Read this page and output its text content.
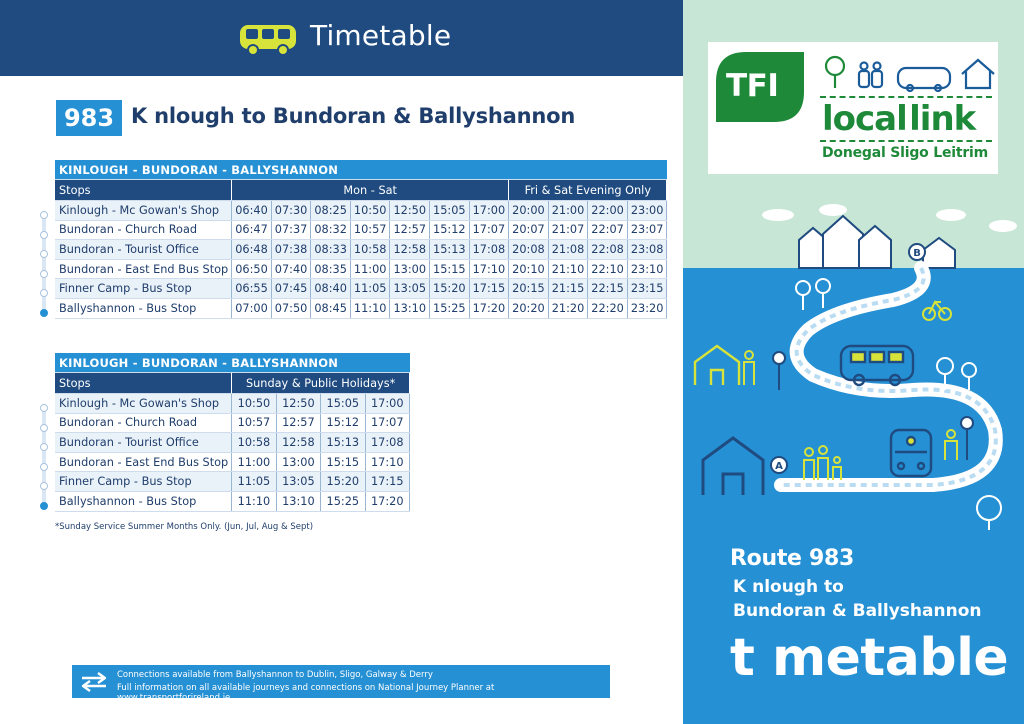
Timetable
983 K nlough to Bundoran & Ballyshannon
KINLOUGH - BUNDORAN - BALLYSHANNON											
Stops	Mon - Sat							Fri & Sat Evening Only			
Kinlough - Mc Gowan's Shop	06:40	07:30	08:25	10:50	12:50	15:05	17:00		20:00	21:00	22:00	23:00
Bundoran - Church Road	06:47	07:37	08:32	10:57	12:57	15:12	17:07		20:07	21:07	22:07	23:07
Bundoran - Tourist Office	06:48	07:38	08:33	10:58	12:58	15:13	17:08		20:08	21:08	22:08	23:08
Bundoran - East End Bus Stop	06:50	07:40	08:35	11:00	13:00	15:15	17:10		20:10	21:10	22:10	23:10
Finner Camp - Bus Stop	06:55	07:45	08:40	11:05	13:05	15:20	17:15		20:15	21:15	22:15	23:15
Ballyshannon - Bus Stop	07:00	07:50	08:45	11:10	13:10	15:25	17:20		20:20	21:20	22:20	23:20
KINLOUGH - BUNDORAN - BALLYSHANNON				
Stops	Sunday & Public Holidays*			
Kinlough - Mc Gowan's Shop	10:50	12:50	15:05	17:00
Bundoran - Church Road	10:57	12:57	15:12	17:07
Bundoran - Tourist Office	10:58	12:58	15:13	17:08
Bundoran - East End Bus Stop	11:00	13:00	15:15	17:10
Finner Camp - Bus Stop	11:05	13:05	15:20	17:15
Ballyshannon - Bus Stop	11:10	13:10	15:25	17:20
*Sunday Service Summer Months Only. (Jun, Jul, Aug & Sept)
Connections available from Ballyshannon to Dublin, Sligo, Galway & Derry
Full information on all available journeys and connections on National Journey Planner at www.transportforireland.ie
TFI
local link
Donegal Sligo Leitrim
B
A
Route 983
K nlough to
Bundoran & Ballyshannon
t metable
